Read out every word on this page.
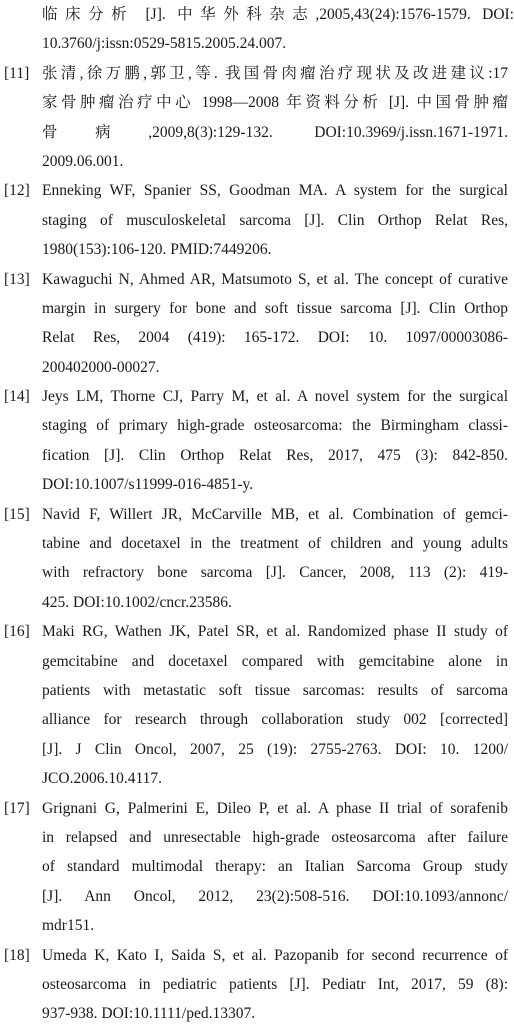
临床分析 [J]. 中华外科杂志,2005,43(24):1576-1579. DOI:
10.3760/j:issn:0529-5815.2005.24.007.
[11] 张清,徐万鹏,郭卫,等. 我国骨肉瘤治疗现状及改进建议:17
家骨肿瘤治疗中心 1998—2008 年资料分析 [J]. 中国骨肿瘤
骨病,2009,8(3):129-132. DOI:10.3969/j.issn.1671-1971.
2009.06.001.
[12] Enneking WF, Spanier SS, Goodman MA. A system for the surgical
staging of musculoskeletal sarcoma [J]. Clin Orthop Relat Res,
1980(153):106-120. PMID:7449206.
[13] Kawaguchi N, Ahmed AR, Matsumoto S, et al. The concept of curative
margin in surgery for bone and soft tissue sarcoma [J]. Clin Orthop
Relat Res, 2004 (419): 165-172. DOI: 10. 1097/00003086-
200402000-00027.
[14] Jeys LM, Thorne CJ, Parry M, et al. A novel system for the surgical
staging of primary high-grade osteosarcoma: the Birmingham classi-
fication [J]. Clin Orthop Relat Res, 2017, 475 (3): 842-850.
DOI:10.1007/s11999-016-4851-y.
[15] Navid F, Willert JR, McCarville MB, et al. Combination of gemci-
tabine and docetaxel in the treatment of children and young adults
with refractory bone sarcoma [J]. Cancer, 2008, 113 (2): 419-
425. DOI:10.1002/cncr.23586.
[16] Maki RG, Wathen JK, Patel SR, et al. Randomized phase II study of
gemcitabine and docetaxel compared with gemcitabine alone in
patients with metastatic soft tissue sarcomas: results of sarcoma
alliance for research through collaboration study 002 [corrected]
[J]. J Clin Oncol, 2007, 25 (19): 2755-2763. DOI: 10. 1200/
JCO.2006.10.4117.
[17] Grignani G, Palmerini E, Dileo P, et al. A phase II trial of sorafenib
in relapsed and unresectable high-grade osteosarcoma after failure
of standard multimodal therapy: an Italian Sarcoma Group study
[J]. Ann Oncol, 2012, 23(2):508-516. DOI:10.1093/annonc/
mdr151.
[18] Umeda K, Kato I, Saida S, et al. Pazopanib for second recurrence of
osteosarcoma in pediatric patients [J]. Pediatr Int, 2017, 59 (8):
937-938. DOI:10.1111/ped.13307.
